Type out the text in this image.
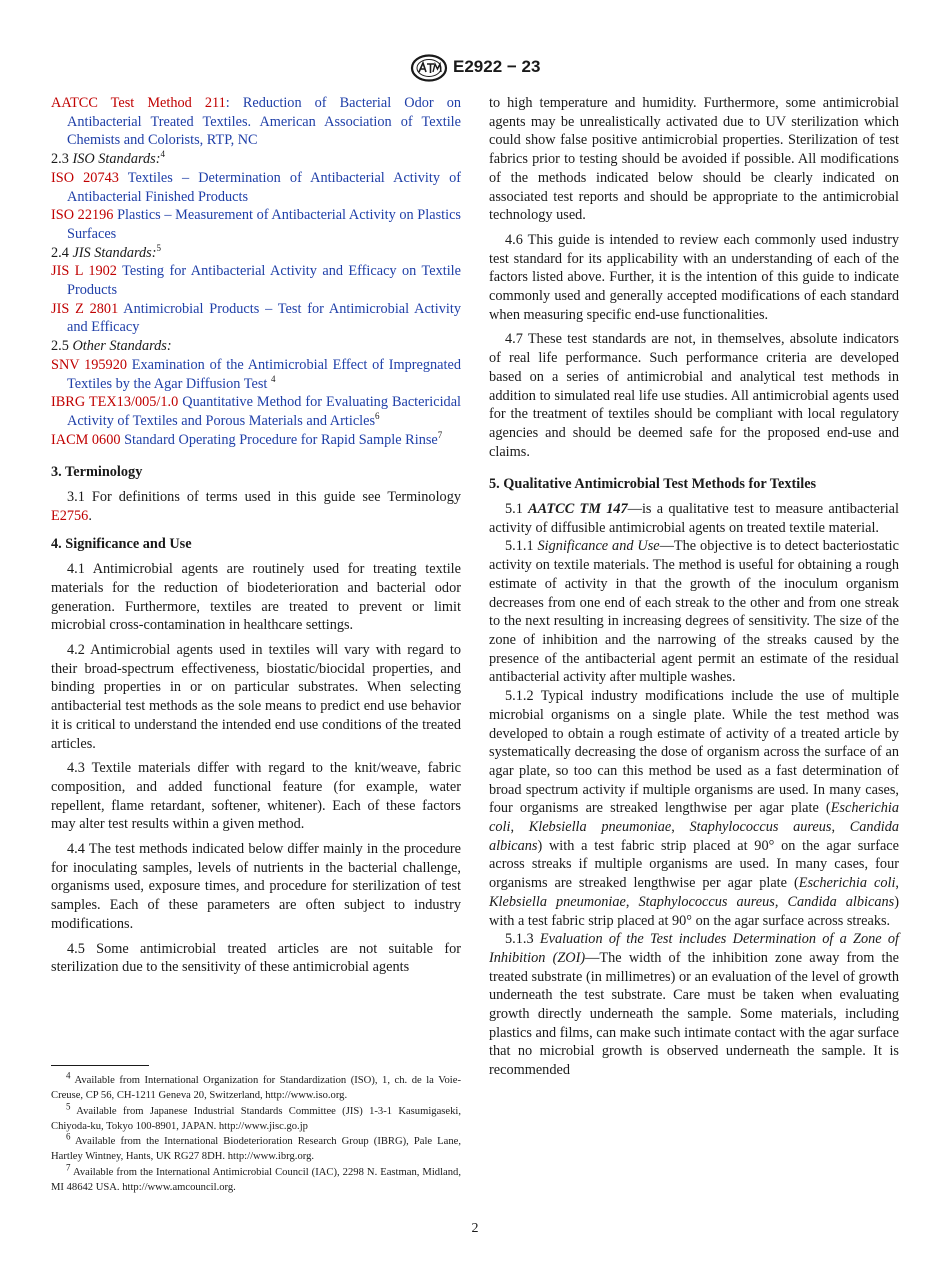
E2922 − 23

AATCC Test Method 211: Reduction of Bacterial Odor on Antibacterial Treated Textiles. American Association of Textile Chemists and Colorists, RTP, NC

2.3 ISO Standards:$^4$

ISO 20743 Textiles – Determination of Antibacterial Activity of Antibacterial Finished Products

ISO 22196 Plastics – Measurement of Antibacterial Activity on Plastics Surfaces

2.4 JIS Standards:$^5$

JIS L 1902 Testing for Antibacterial Activity and Efficacy on Textile Products

JIS Z 2801 Antimicrobial Products – Test for Antimicrobial Activity and Efficacy

2.5 Other Standards:

SNV 195920 Examination of the Antimicrobial Effect of Impregnated Textiles by the Agar Diffusion Test $^4$

IBRG TEX13/005/1.0 Quantitative Method for Evaluating Bactericidal Activity of Textiles and Porous Materials and Articles$^6$

IACM 0600 Standard Operating Procedure for Rapid Sample Rinse$^7$

3. Terminology

3.1 For definitions of terms used in this guide see Terminology E2756.

4. Significance and Use

4.1 Antimicrobial agents are routinely used for treating textile materials for the reduction of biodeterioration and bacterial odor generation. Furthermore, textiles are treated to prevent or limit microbial cross-contamination in healthcare settings.

4.2 Antimicrobial agents used in textiles will vary with regard to their broad-spectrum effectiveness, biostatic/biocidal properties, and binding properties in or on particular substrates. When selecting antibacterial test methods as the sole means to predict end use behavior it is critical to understand the intended end use conditions of the treated articles.

4.3 Textile materials differ with regard to the knit/weave, fabric composition, and added functional feature (for example, water repellent, flame retardant, softener, whitener). Each of these factors may alter test results within a given method.

4.4 The test methods indicated below differ mainly in the procedure for inoculating samples, levels of nutrients in the bacterial challenge, organisms used, exposure times, and procedure for sterilization of test samples. Each of these parameters are often subject to industry modifications.

4.5 Some antimicrobial treated articles are not suitable for sterilization due to the sensitivity of these antimicrobial agents

to high temperature and humidity. Furthermore, some antimicrobial agents may be unrealistically activated due to UV sterilization which could show false positive antimicrobial properties. Sterilization of test fabrics prior to testing should be avoided if possible. All modifications of the methods indicated below should be clearly indicated on associated test reports and should be appropriate to the antimicrobial technology used.

4.6 This guide is intended to review each commonly used industry test standard for its applicability with an understanding of each of the factors listed above. Further, it is the intention of this guide to indicate commonly used and generally accepted modifications of each standard when measuring specific end-use functionalities.

4.7 These test standards are not, in themselves, absolute indicators of real life performance. Such performance criteria are developed based on a series of antimicrobial and analytical test methods in addition to simulated real life use studies. All antimicrobial agents used for the treatment of textiles should be compliant with local regulatory agencies and should be deemed safe for the proposed end-use and claims.

5. Qualitative Antimicrobial Test Methods for Textiles

5.1 AATCC TM 147—is a qualitative test to measure antibacterial activity of diffusible antimicrobial agents on treated textile material.

5.1.1 Significance and Use—The objective is to detect bacteriostatic activity on textile materials. The method is useful for obtaining a rough estimate of activity in that the growth of the inoculum organism decreases from one end of each streak to the other and from one streak to the next resulting in increasing degrees of sensitivity. The size of the zone of inhibition and the narrowing of the streaks caused by the presence of the antibacterial agent permit an estimate of the residual antibacterial activity after multiple washes.

5.1.2 Typical industry modifications include the use of multiple microbial organisms on a single plate. While the test method was developed to obtain a rough estimate of activity of a treated article by systematically decreasing the dose of organism across the surface of an agar plate, so too can this method be used as a fast determination of broad spectrum activity if multiple organisms are used. In many cases, four organisms are streaked lengthwise per agar plate (Escherichia coli, Klebsiella pneumoniae, Staphylococcus aureus, Candida albicans) with a test fabric strip placed at 90° on the agar surface across streaks if multiple organisms are used. In many cases, four organisms are streaked lengthwise per agar plate (Escherichia coli, Klebsiella pneumoniae, Staphylococcus aureus, Candida albicans) with a test fabric strip placed at 90° on the agar surface across streaks.

5.1.3 Evaluation of the Test includes Determination of a Zone of Inhibition (ZOI)—The width of the inhibition zone away from the treated substrate (in millimetres) or an evaluation of the level of growth underneath the test substrate. Care must be taken when evaluating growth directly underneath the sample. Some materials, including plastics and films, can make such intimate contact with the agar surface that no microbial growth is observed underneath the sample. It is recommended

$^4$ Available from International Organization for Standardization (ISO), 1, ch. de la Voie-Creuse, CP 56, CH-1211 Geneva 20, Switzerland, http://www.iso.org.

$^5$ Available from Japanese Industrial Standards Committee (JIS) 1-3-1 Kasumigaseki, Chiyoda-ku, Tokyo 100-8901, JAPAN. http://www.jisc.go.jp

$^6$ Available from the International Biodeterioration Research Group (IBRG), Pale Lane, Hartley Wintney, Hants, UK RG27 8DH. http://www.ibrg.org.

$^7$ Available from the International Antimicrobial Council (IAC), 2298 N. Eastman, Midland, MI 48642 USA. http://www.amcouncil.org.

2
